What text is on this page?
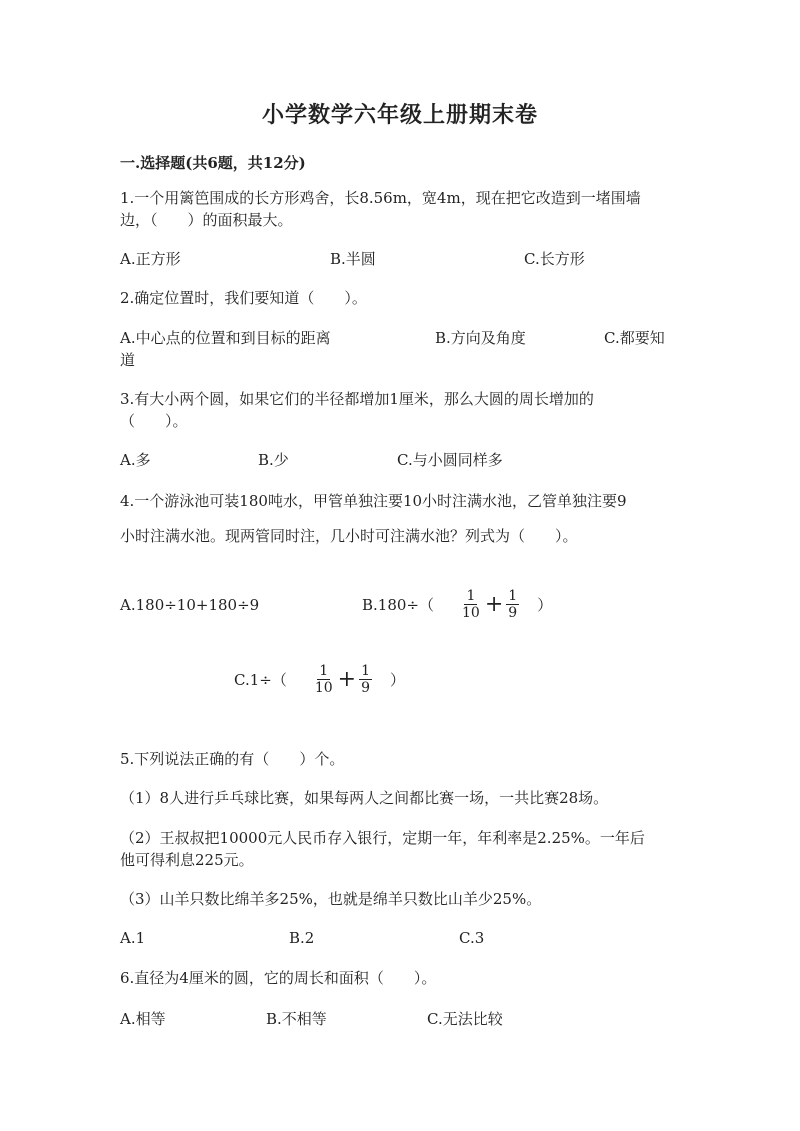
小学数学六年级上册期末卷
一.选择题(共6题，共12分)
1.一个用篱笆围成的长方形鸡舍，长8.56m，宽4m，现在把它改造到一堵围墙
边，（　　）的面积最大。
A.正方形	B.半圆	C.长方形
2.确定位置时，我们要知道（　　）。
A.中心点的位置和到目标的距离	B.方向及角度	C.都要知
道
3.有大小两个圆，如果它们的半径都增加1厘米，那么大圆的周长增加的
（　　）。
A.多	B.少	C.与小圆同样多
4.一个游泳池可装180吨水，甲管单独注要10小时注满水池，乙管单独注要9
小时注满水池。现两管同时注，几小时可注满水池？列式为（　　）。
A.180÷10+180÷9	$B.180\div( \frac{1}{10} + \frac{1}{9}$ ）
$C.1\div( \frac{1}{10} + \frac{1}{9}$ ）
5.下列说法正确的有（　　）个。
（1）8人进行乒乓球比赛，如果每两人之间都比赛一场，一共比赛28场。
（2）王叔叔把10000元人民币存入银行，定期一年，年利率是2.25%。一年后
他可得利息225元。
（3）山羊只数比绵羊多25%，也就是绵羊只数比山羊少25%。
A.1	B.2	C.3
6.直径为4厘米的圆，它的周长和面积（　　）。
A.相等	B.不相等	C.无法比较
